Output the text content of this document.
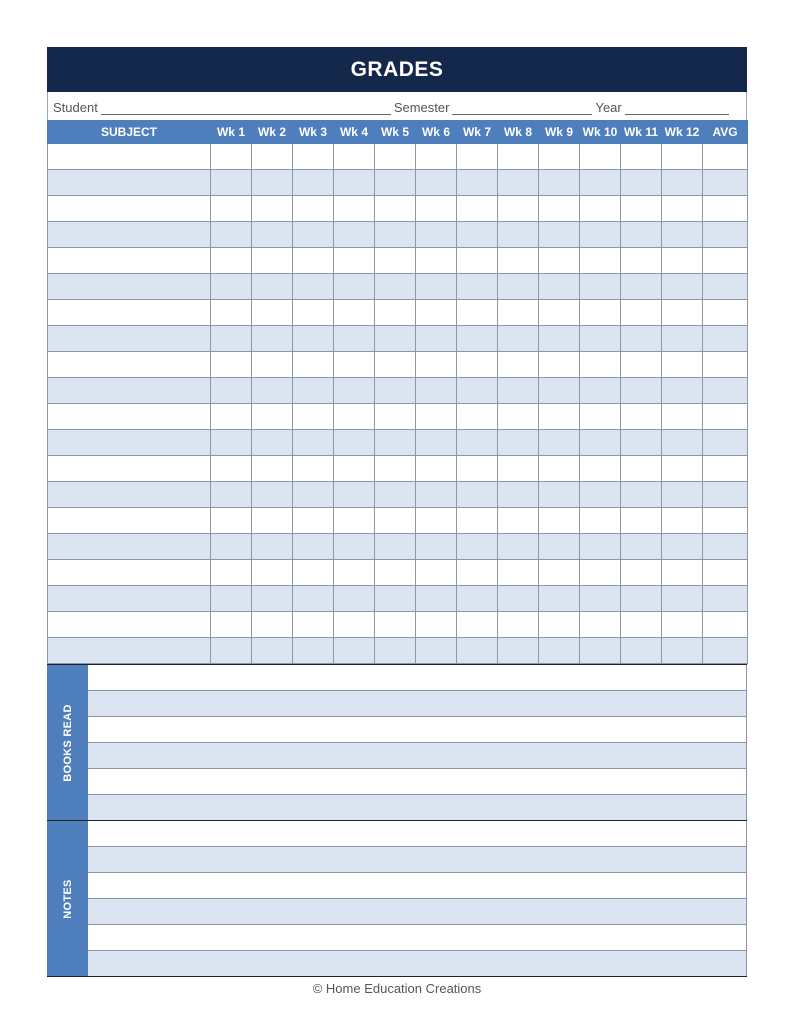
GRADES
Student	Semester	Year
SUBJECT	Wk 1	Wk 2	Wk 3	Wk 4	Wk 5	Wk 6	Wk 7	Wk 8	Wk 9	Wk 10	Wk 11	Wk 12	AVG

BOOKS READ
NOTES
© Home Education Creations
